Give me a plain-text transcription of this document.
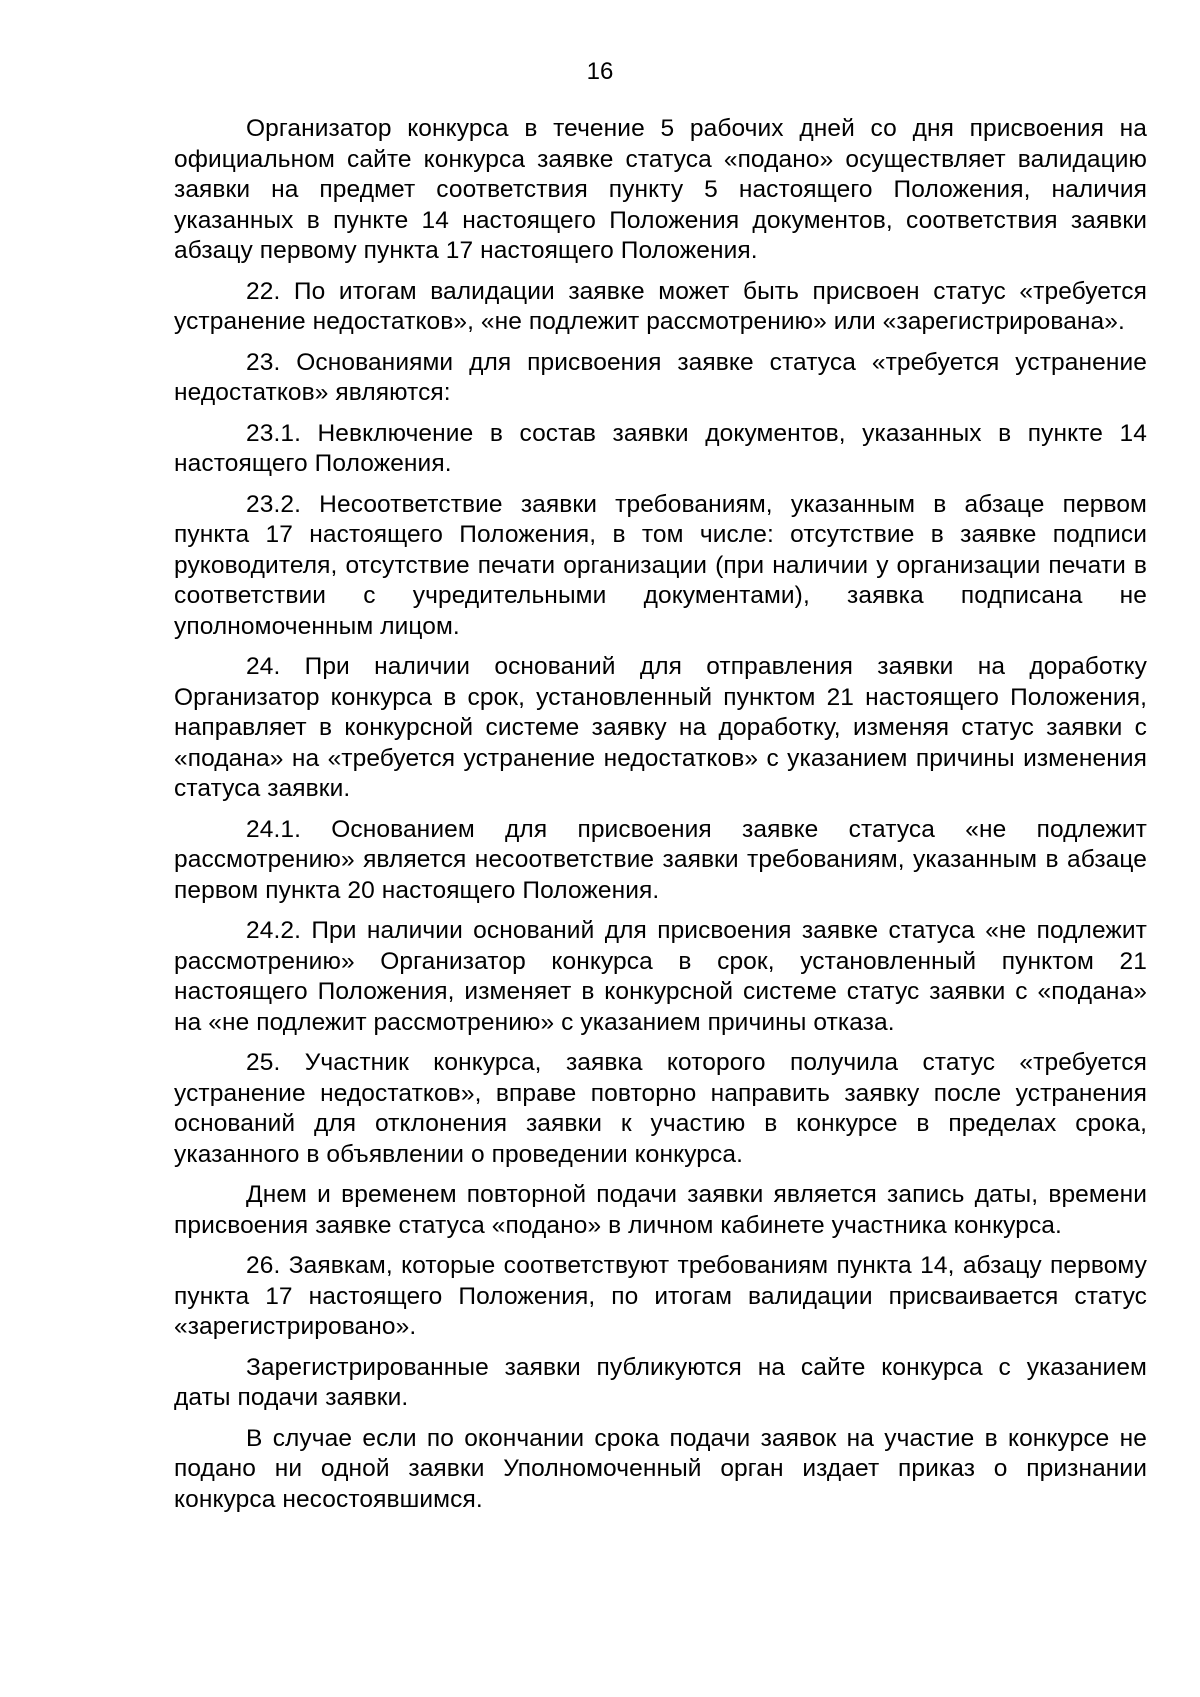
16

Организатор конкурса в течение 5 рабочих дней со дня присвоения на официальном сайте конкурса заявке статуса «подано» осуществляет валидацию заявки на предмет соответствия пункту 5 настоящего Положения, наличия указанных в пункте 14 настоящего Положения документов, соответствия заявки абзацу первому пункта 17 настоящего Положения.

22. По итогам валидации заявке может быть присвоен статус «требуется устранение недостатков», «не подлежит рассмотрению» или «зарегистрирована».

23. Основаниями для присвоения заявке статуса «требуется устранение недостатков» являются:

23.1. Невключение в состав заявки документов, указанных в пункте 14 настоящего Положения.

23.2. Несоответствие заявки требованиям, указанным в абзаце первом пункта 17 настоящего Положения, в том числе: отсутствие в заявке подписи руководителя, отсутствие печати организации (при наличии у организации печати в соответствии с учредительными документами), заявка подписана не уполномоченным лицом.

24. При наличии оснований для отправления заявки на доработку Организатор конкурса в срок, установленный пунктом 21 настоящего Положения, направляет в конкурсной системе заявку на доработку, изменяя статус заявки с «подана» на «требуется устранение недостатков» с указанием причины изменения статуса заявки.

24.1. Основанием для присвоения заявке статуса «не подлежит рассмотрению» является несоответствие заявки требованиям, указанным в абзаце первом пункта 20 настоящего Положения.

24.2. При наличии оснований для присвоения заявке статуса «не подлежит рассмотрению» Организатор конкурса в срок, установленный пунктом 21 настоящего Положения, изменяет в конкурсной системе статус заявки с «подана» на «не подлежит рассмотрению» с указанием причины отказа.

25. Участник конкурса, заявка которого получила статус «требуется устранение недостатков», вправе повторно направить заявку после устранения оснований для отклонения заявки к участию в конкурсе в пределах срока, указанного в объявлении о проведении конкурса.

Днем и временем повторной подачи заявки является запись даты, времени присвоения заявке статуса «подано» в личном кабинете участника конкурса.

26. Заявкам, которые соответствуют требованиям пункта 14, абзацу первому пункта 17 настоящего Положения, по итогам валидации присваивается статус «зарегистрировано».

Зарегистрированные заявки публикуются на сайте конкурса с указанием даты подачи заявки.

В случае если по окончании срока подачи заявок на участие в конкурсе не подано ни одной заявки Уполномоченный орган издает приказ о признании конкурса несостоявшимся.
